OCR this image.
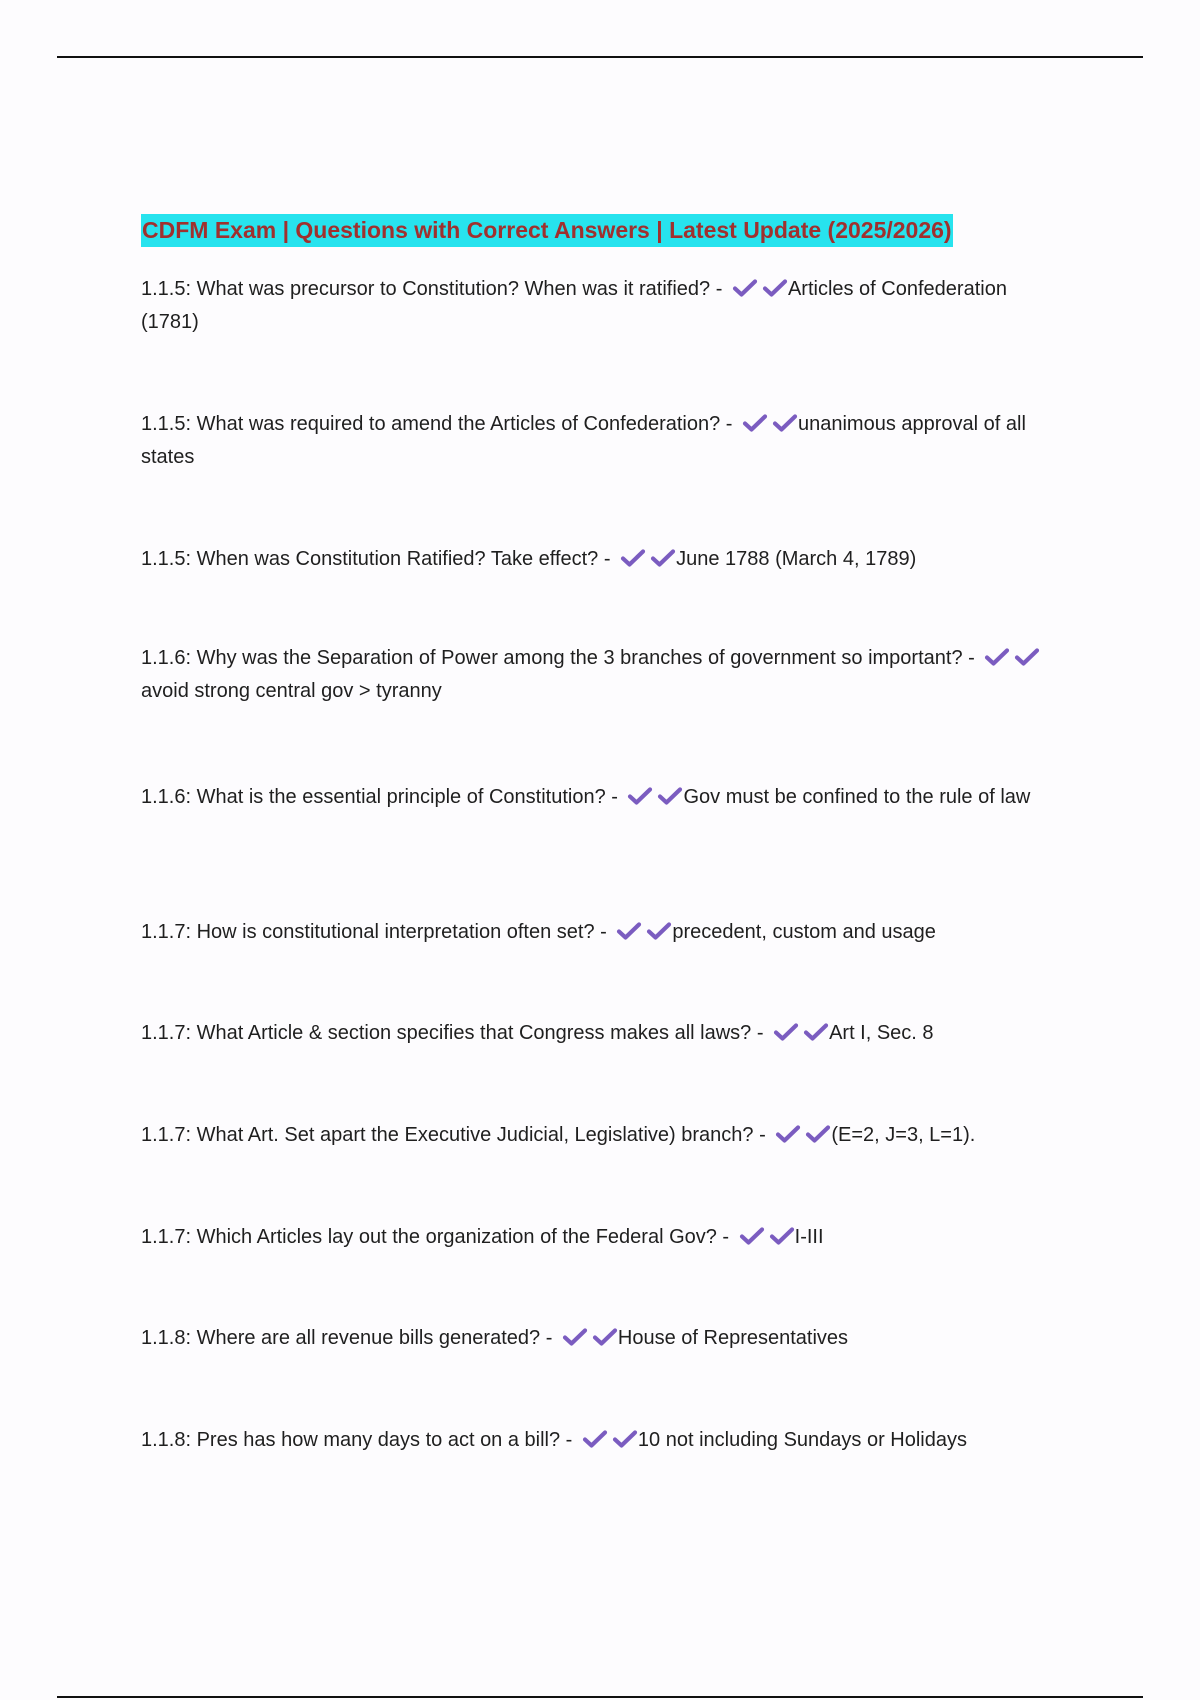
CDFM Exam | Questions with Correct Answers | Latest Update (2025/2026)
1.1.5: What was precursor to Constitution? When was it ratified? -	Articles of Confederation (1781)
1.1.5: What was required to amend the Articles of Confederation? -	unanimous approval of all states
1.1.5: When was Constitution Ratified? Take effect? -	June 1788 (March 4, 1789)
1.1.6: Why was the Separation of Power among the 3 branches of government so important? -
avoid strong central gov > tyranny
1.1.6: What is the essential principle of Constitution? -	Gov must be confined to the rule of law
1.1.7: How is constitutional interpretation often set? -	precedent, custom and usage
1.1.7: What Article & section specifies that Congress makes all laws? -	Art I, Sec. 8
1.1.7: What Art. Set apart the Executive Judicial, Legislative) branch? -	(E=2, J=3, L=1).
1.1.7: Which Articles lay out the organization of the Federal Gov? -	I-III
1.1.8: Where are all revenue bills generated? -	House of Representatives
1.1.8: Pres has how many days to act on a bill? -	10 not including Sundays or Holidays
